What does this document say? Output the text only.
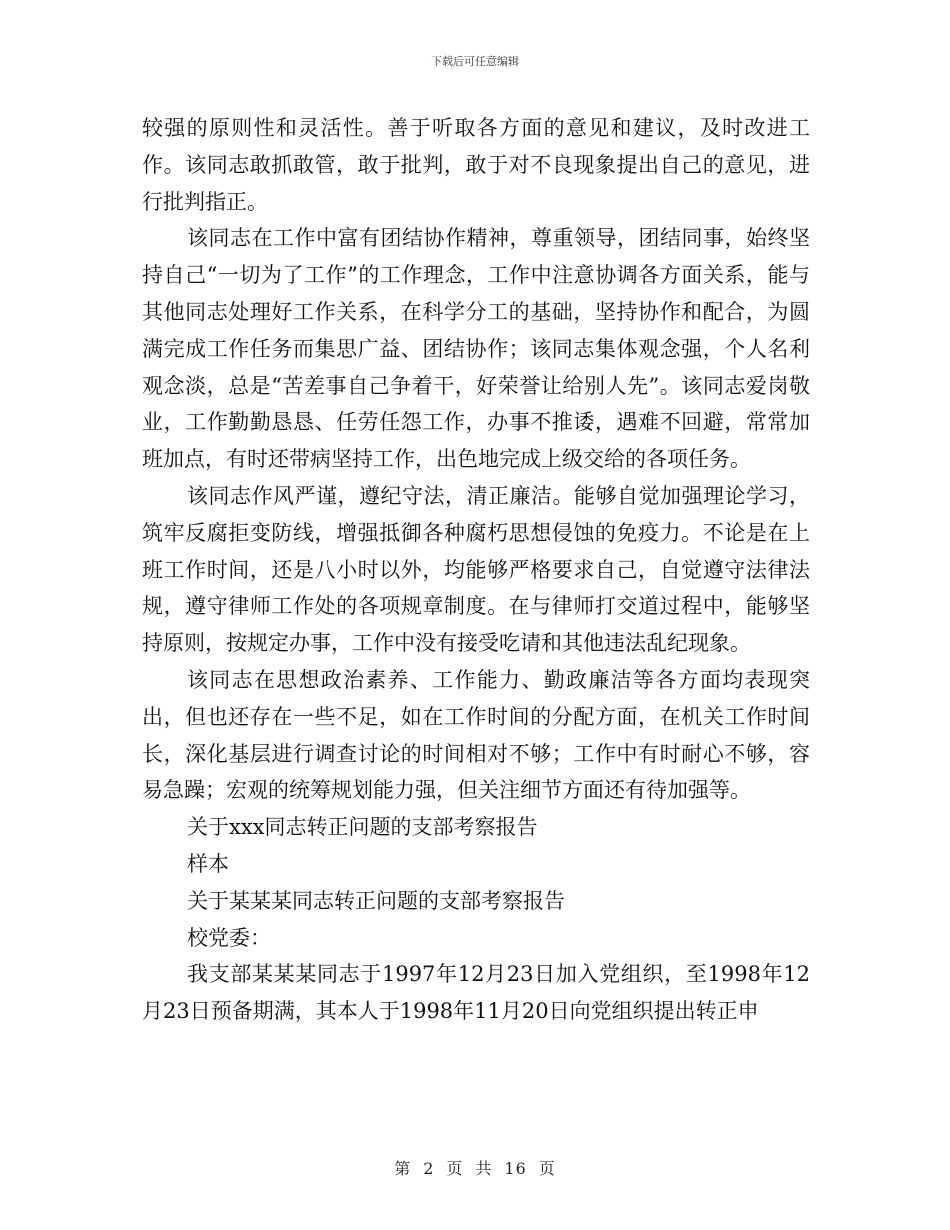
下载后可任意编辑

较强的原则性和灵活性。善于听取各方面的意见和建议，及时改进工作。该同志敢抓敢管，敢于批判，敢于对不良现象提出自己的意见，进行批判指正。

该同志在工作中富有团结协作精神，尊重领导，团结同事，始终坚持自己“一切为了工作”的工作理念，工作中注意协调各方面关系，能与其他同志处理好工作关系，在科学分工的基础，坚持协作和配合，为圆满完成工作任务而集思广益、团结协作；该同志集体观念强，个人名利观念淡，总是“苦差事自己争着干，好荣誉让给别人先”。该同志爱岗敬业，工作勤勤恳恳、任劳任怨工作，办事不推诿，遇难不回避，常常加班加点，有时还带病坚持工作，出色地完成上级交给的各项任务。

该同志作风严谨，遵纪守法，清正廉洁。能够自觉加强理论学习，筑牢反腐拒变防线，增强抵御各种腐朽思想侵蚀的免疫力。不论是在上班工作时间，还是八小时以外，均能够严格要求自己，自觉遵守法律法规，遵守律师工作处的各项规章制度。在与律师打交道过程中，能够坚持原则，按规定办事，工作中没有接受吃请和其他违法乱纪现象。

该同志在思想政治素养、工作能力、勤政廉洁等各方面均表现突出，但也还存在一些不足，如在工作时间的分配方面，在机关工作时间长，深化基层进行调查讨论的时间相对不够；工作中有时耐心不够，容易急躁；宏观的统筹规划能力强，但关注细节方面还有待加强等。

关于xxx同志转正问题的支部考察报告

样本

关于某某某同志转正问题的支部考察报告

校党委：

我支部某某某同志于1997年12月23日加入党组织，至1998年12月23日预备期满，其本人于1998年11月20日向党组织提出转正申

第 2 页 共 16 页
